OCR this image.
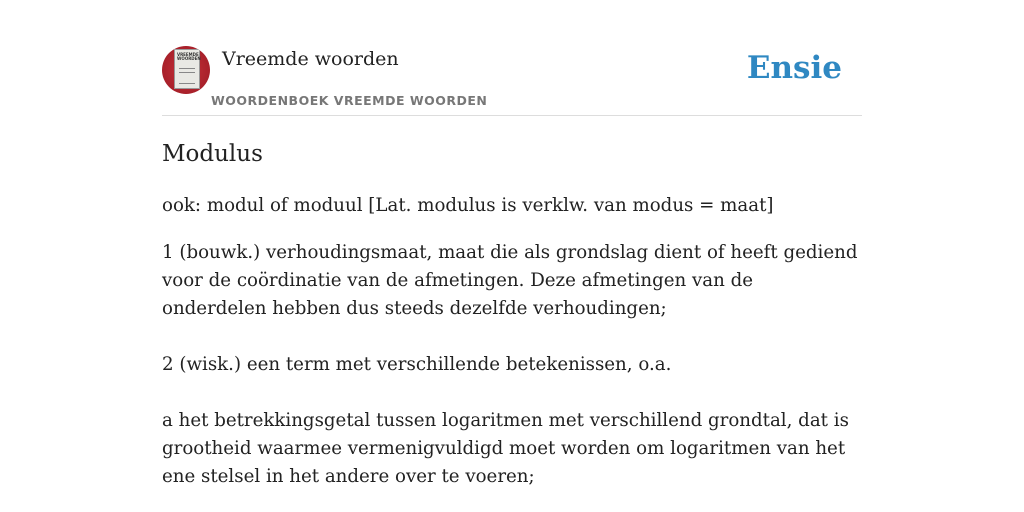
VREEMDE WOORDEN Vreemde woorden
WOORDENBOEK VREEMDE WOORDEN
Ensie
Modulus

ook: modul of moduul [Lat. modulus is verklw. van modus = maat]

1 (bouwk.) verhoudingsmaat, maat die als grondslag dient of heeft gediend voor de coördinatie van de afmetingen. Deze afmetingen van de onderdelen hebben dus steeds dezelfde verhoudingen;

2 (wisk.) een term met verschillende betekenissen, o.a.

a het betrekkingsgetal tussen logaritmen met verschillend grondtal, dat is grootheid waarmee vermenigvuldigd moet worden om logaritmen van het ene stelsel in het andere over te voeren;
